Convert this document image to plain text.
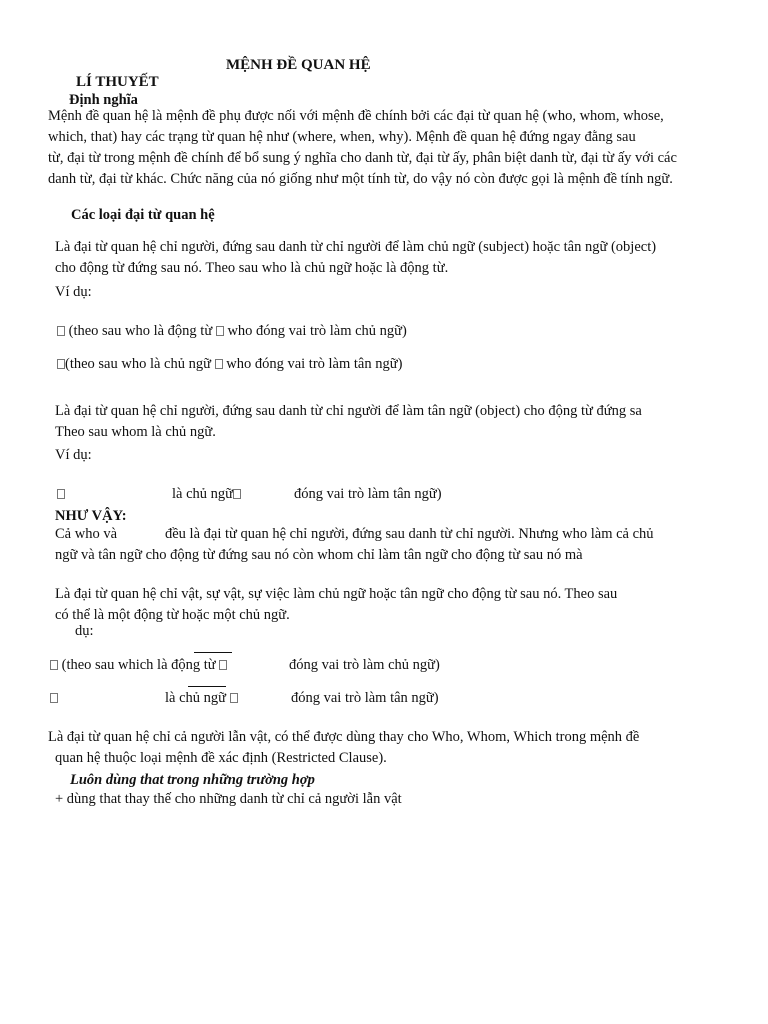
MỆNH ĐỀ QUAN HỆ
LÍ THUYẾT
Định nghĩa
Mệnh đề quan hệ là mệnh đề phụ được nối với mệnh đề chính bởi các đại từ quan hệ (who, whom, whose,
which, that) hay các trạng từ quan hệ như (where, when, why). Mệnh đề quan hệ đứng ngay đằng sau
từ, đại từ trong mệnh đề chính để bổ sung ý nghĩa cho danh từ, đại từ ấy, phân biệt danh từ, đại từ ấy với các
danh từ, đại từ khác. Chức năng của nó giống như một tính từ, do vậy nó còn được gọi là mệnh đề tính ngữ.
Các loại đại từ quan hệ
Là đại từ quan hệ chỉ người, đứng sau danh từ chỉ người để làm chủ ngữ (subject) hoặc tân ngữ (object)
cho động từ đứng sau nó. Theo sau who là chủ ngữ hoặc là động từ.
Ví dụ:
(theo sau who là động từ who đóng vai trò làm chủ ngữ)
(theo sau who là chủ ngữ who đóng vai trò làm tân ngữ)
Là đại từ quan hệ chỉ người, đứng sau danh từ chỉ người để làm tân ngữ (object) cho động từ đứng sa
Theo sau whom là chủ ngữ.
Ví dụ:
là chủ ngữ	đóng vai trò làm tân ngữ)
NHƯ VẬY:
Cả who và	đều là đại từ quan hệ chỉ người, đứng sau danh từ chỉ người. Nhưng who làm cả chủ
ngữ và tân ngữ cho động từ đứng sau nó còn whom chỉ làm tân ngữ cho động từ sau nó mà
Là đại từ quan hệ chỉ vật, sự vật, sự việc làm chủ ngữ hoặc tân ngữ cho động từ sau nó. Theo sau
có thể là một động từ hoặc một chủ ngữ.
dụ:
(theo sau which là động từ	đóng vai trò làm chủ ngữ)
là chủ ngữ	đóng vai trò làm tân ngữ)
Là đại từ quan hệ chỉ cả người lẫn vật, có thể được dùng thay cho Who, Whom, Which trong mệnh đề
quan hệ thuộc loại mệnh đề xác định (Restricted Clause).
Luôn dùng that trong những trường hợp
+ dùng that thay thế cho những danh từ chỉ cả người lẫn vật
